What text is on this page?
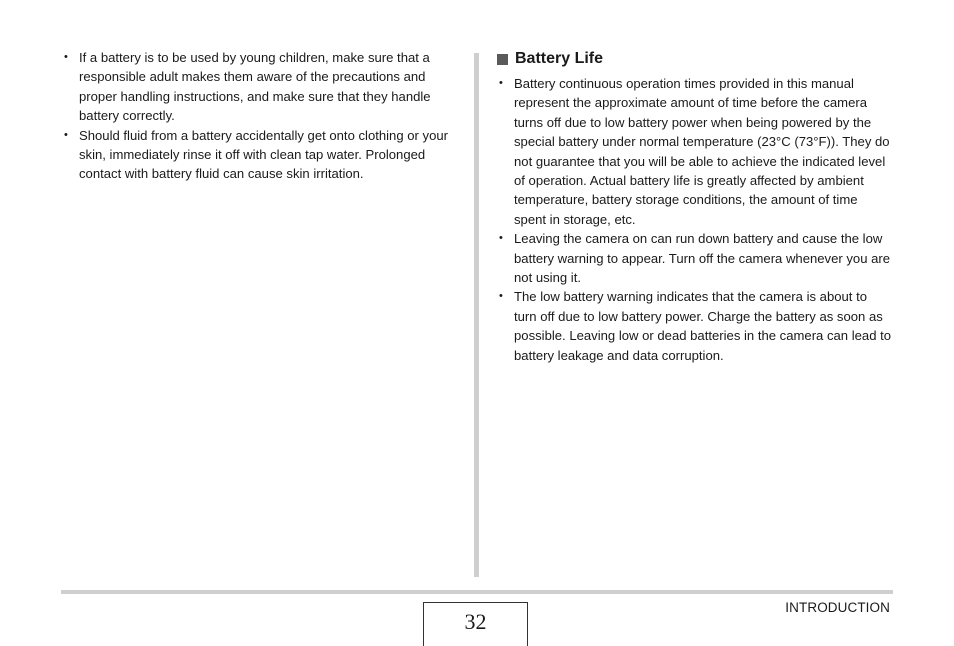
• If a battery is to be used by young children, make sure that a responsible adult makes them aware of the precautions and proper handling instructions, and make sure that they handle battery correctly.
• Should fluid from a battery accidentally get onto clothing or your skin, immediately rinse it off with clean tap water. Prolonged contact with battery fluid can cause skin irritation.
Battery Life
• Battery continuous operation times provided in this manual represent the approximate amount of time before the camera turns off due to low battery power when being powered by the special battery under normal temperature (23°C (73°F)). They do not guarantee that you will be able to achieve the indicated level of operation. Actual battery life is greatly affected by ambient temperature, battery storage conditions, the amount of time spent in storage, etc.
• Leaving the camera on can run down battery and cause the low battery warning to appear. Turn off the camera whenever you are not using it.
• The low battery warning indicates that the camera is about to turn off due to low battery power. Charge the battery as soon as possible. Leaving low or dead batteries in the camera can lead to battery leakage and data corruption.
32
INTRODUCTION
